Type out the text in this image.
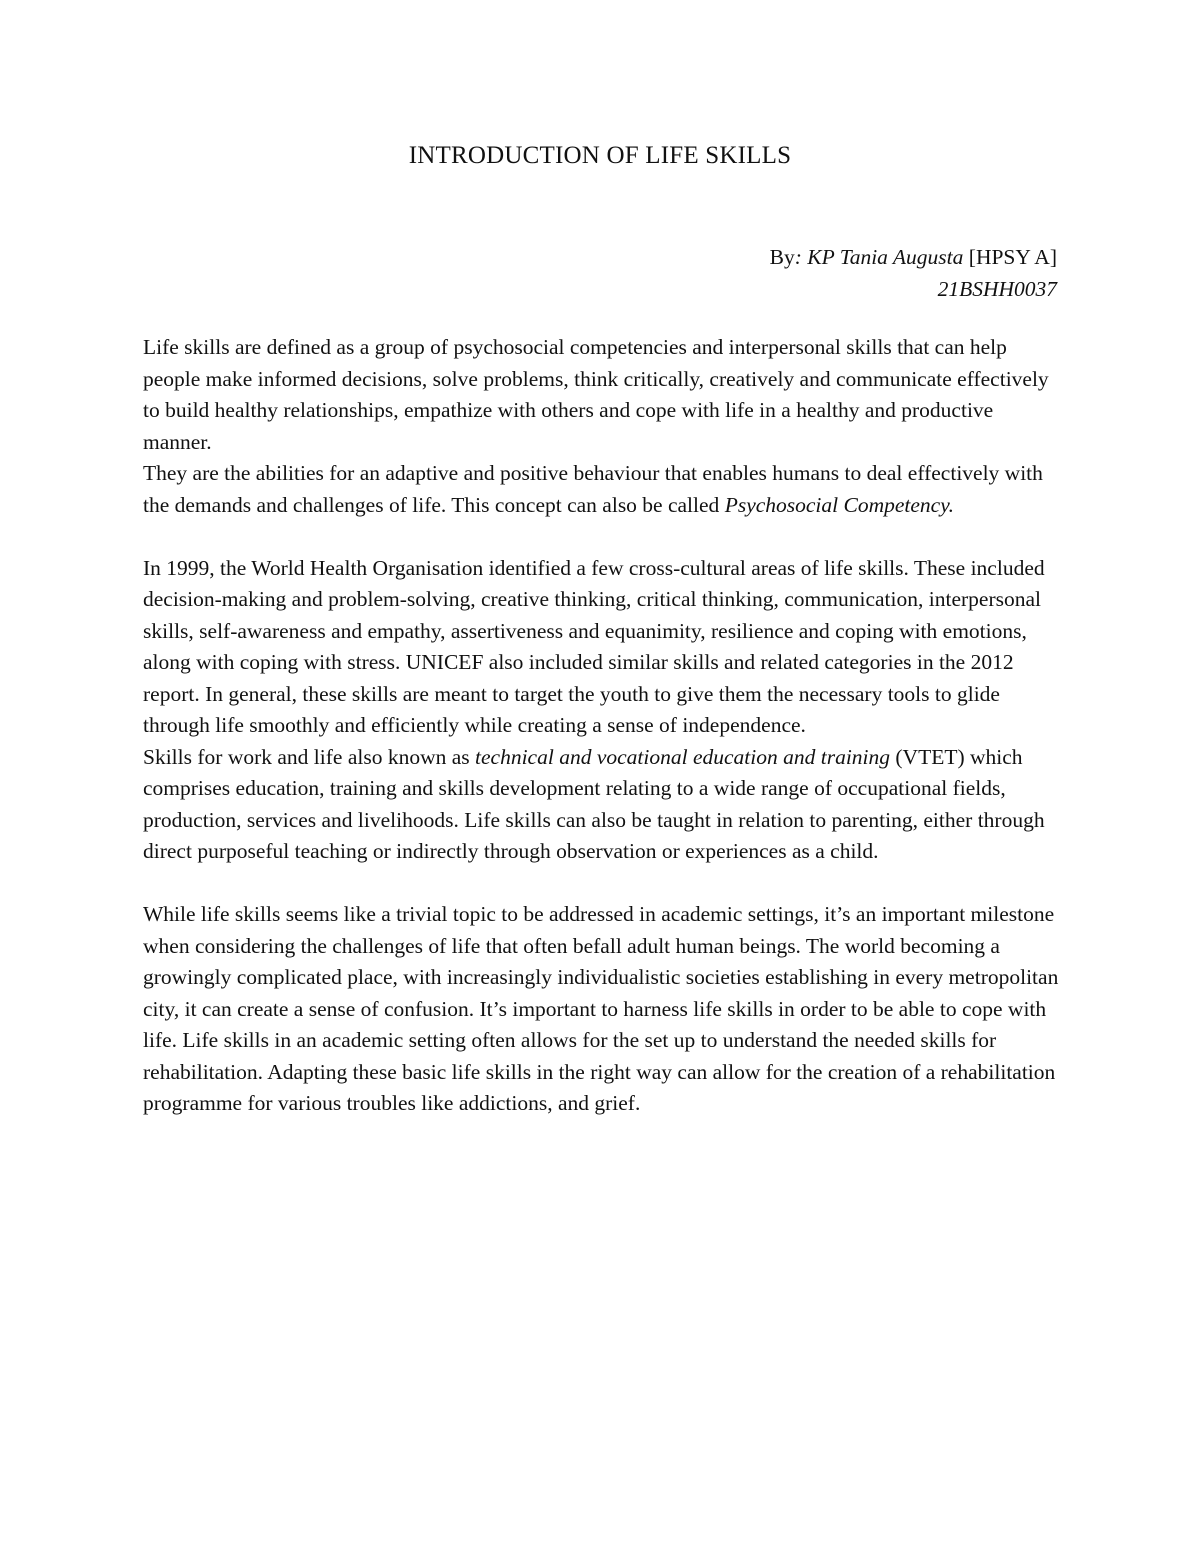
INTRODUCTION OF LIFE SKILLS
By: KP Tania Augusta [HPSY A]
21BSHH0037

Life skills are defined as a group of psychosocial competencies and interpersonal skills that can help people make informed decisions, solve problems, think critically, creatively and communicate effectively to build healthy relationships, empathize with others and cope with life in a healthy and productive manner.

They are the abilities for an adaptive and positive behaviour that enables humans to deal effectively with the demands and challenges of life. This concept can also be called Psychosocial Competency.

In 1999, the World Health Organisation identified a few cross-cultural areas of life skills. These included decision-making and problem-solving, creative thinking, critical thinking, communication, interpersonal skills, self-awareness and empathy, assertiveness and equanimity, resilience and coping with emotions, along with coping with stress. UNICEF also included similar skills and related categories in the 2012 report. In general, these skills are meant to target the youth to give them the necessary tools to glide through life smoothly and efficiently while creating a sense of independence.

Skills for work and life also known as technical and vocational education and training (VTET) which comprises education, training and skills development relating to a wide range of occupational fields, production, services and livelihoods. Life skills can also be taught in relation to parenting, either through direct purposeful teaching or indirectly through observation or experiences as a child.

While life skills seems like a trivial topic to be addressed in academic settings, it’s an important milestone when considering the challenges of life that often befall adult human beings. The world becoming a growingly complicated place, with increasingly individualistic societies establishing in every metropolitan city, it can create a sense of confusion. It’s important to harness life skills in order to be able to cope with life. Life skills in an academic setting often allows for the set up to understand the needed skills for rehabilitation. Adapting these basic life skills in the right way can allow for the creation of a rehabilitation programme for various troubles like addictions, and grief.
